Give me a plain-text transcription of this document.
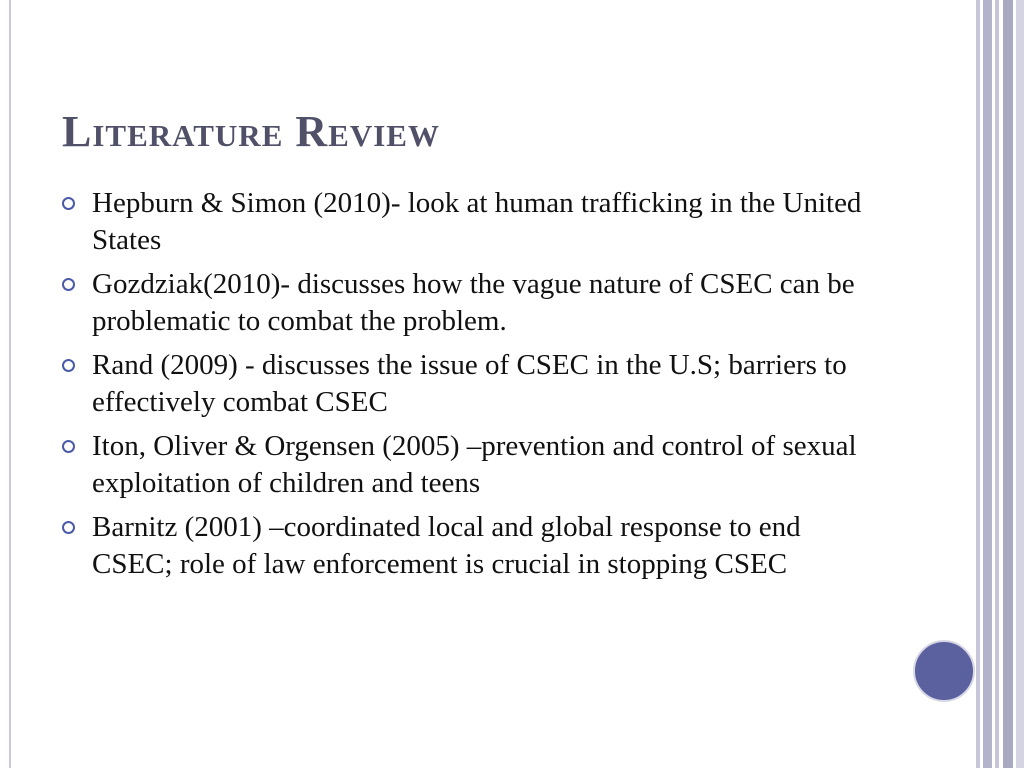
Literature Review
Hepburn & Simon (2010)- look at human trafficking in the United States
Gozdziak(2010)- discusses how the vague nature of CSEC can be problematic to combat the problem.
Rand (2009) - discusses the issue of CSEC in the U.S; barriers to effectively combat CSEC
Iton, Oliver & Orgensen (2005) –prevention and control of sexual exploitation of children and teens
Barnitz (2001) –coordinated local and global response to end CSEC; role of law enforcement is crucial in stopping CSEC
